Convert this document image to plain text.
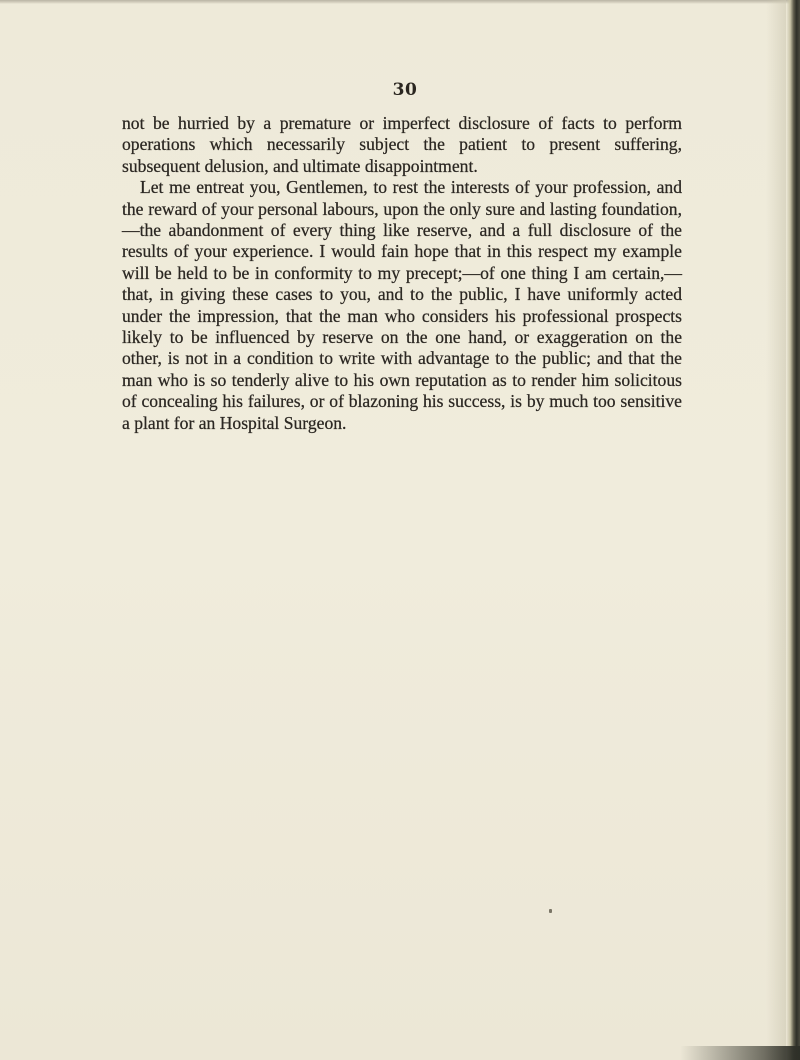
30

not be hurried by a premature or imperfect disclosure of facts to perform operations which necessarily subject the patient to present suffering, subsequent delusion, and ultimate disappointment.

Let me entreat you, Gentlemen, to rest the interests of your profession, and the reward of your personal labours, upon the only sure and lasting foundation,—the abandonment of every thing like reserve, and a full disclosure of the results of your experience. I would fain hope that in this respect my example will be held to be in conformity to my precept;—of one thing I am certain,—that, in giving these cases to you, and to the public, I have uniformly acted under the impression, that the man who considers his professional prospects likely to be influenced by reserve on the one hand, or exaggeration on the other, is not in a condition to write with advantage to the public; and that the man who is so tenderly alive to his own reputation as to render him solicitous of concealing his failures, or of blazoning his success, is by much too sensitive a plant for an Hospital Surgeon.
